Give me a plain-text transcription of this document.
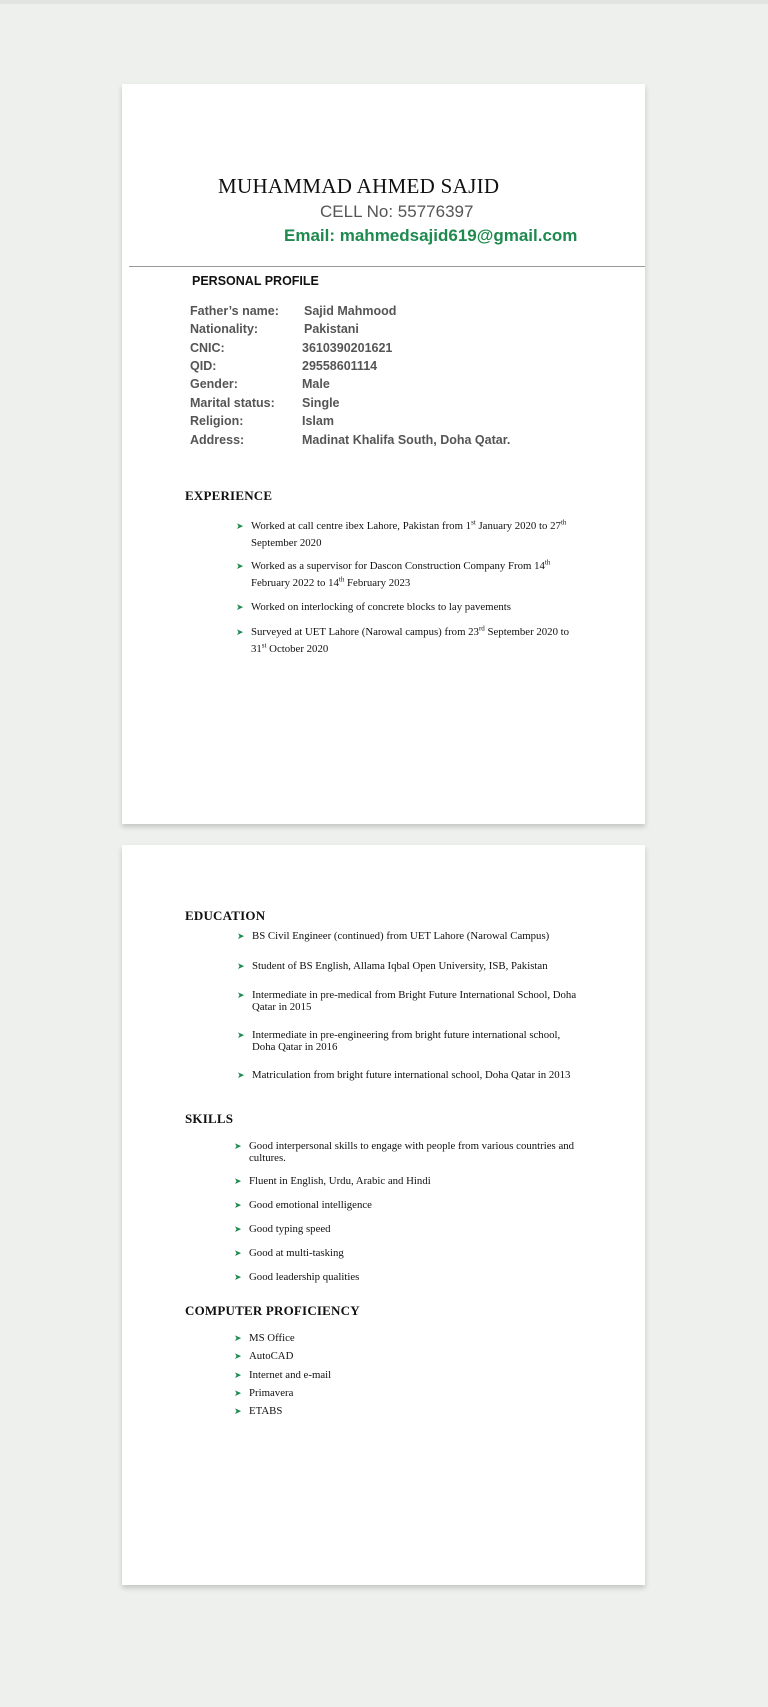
MUHAMMAD AHMED SAJID
CELL No: 55776397
Email: mahmedsajid619@gmail.com
PERSONAL PROFILE
Father’s name: Sajid Mahmood
Nationality:	Pakistani
CNIC:	3610390201621
QID:	29558601114
Gender:	Male
Marital status: Single
Religion:	Islam
Address:	Madinat Khalifa South, Doha Qatar.
EXPERIENCE
➤ Worked at call centre ibex Lahore, Pakistan from 1st January 2020 to 27th September 2020
➤ Worked as a supervisor for Dascon Construction Company From 14th February 2022 to 14th February 2023
➤ Worked on interlocking of concrete blocks to lay pavements
➤ Surveyed at UET Lahore (Narowal campus) from 23rd September 2020 to 31st October 2020
EDUCATION
➤ BS Civil Engineer (continued) from UET Lahore (Narowal Campus)
➤ Student of BS English, Allama Iqbal Open University, ISB, Pakistan
➤ Intermediate in pre-medical from Bright Future International School, Doha Qatar in 2015
➤ Intermediate in pre-engineering from bright future international school, Doha Qatar in 2016
➤ Matriculation from bright future international school, Doha Qatar in 2013
SKILLS
➤ Good interpersonal skills to engage with people from various countries and cultures.
➤ Fluent in English, Urdu, Arabic and Hindi
➤ Good emotional intelligence
➤ Good typing speed
➤ Good at multi-tasking
➤ Good leadership qualities
COMPUTER PROFICIENCY
➤ MS Office
➤ AutoCAD
➤ Internet and e-mail
➤ Primavera
➤ ETABS
